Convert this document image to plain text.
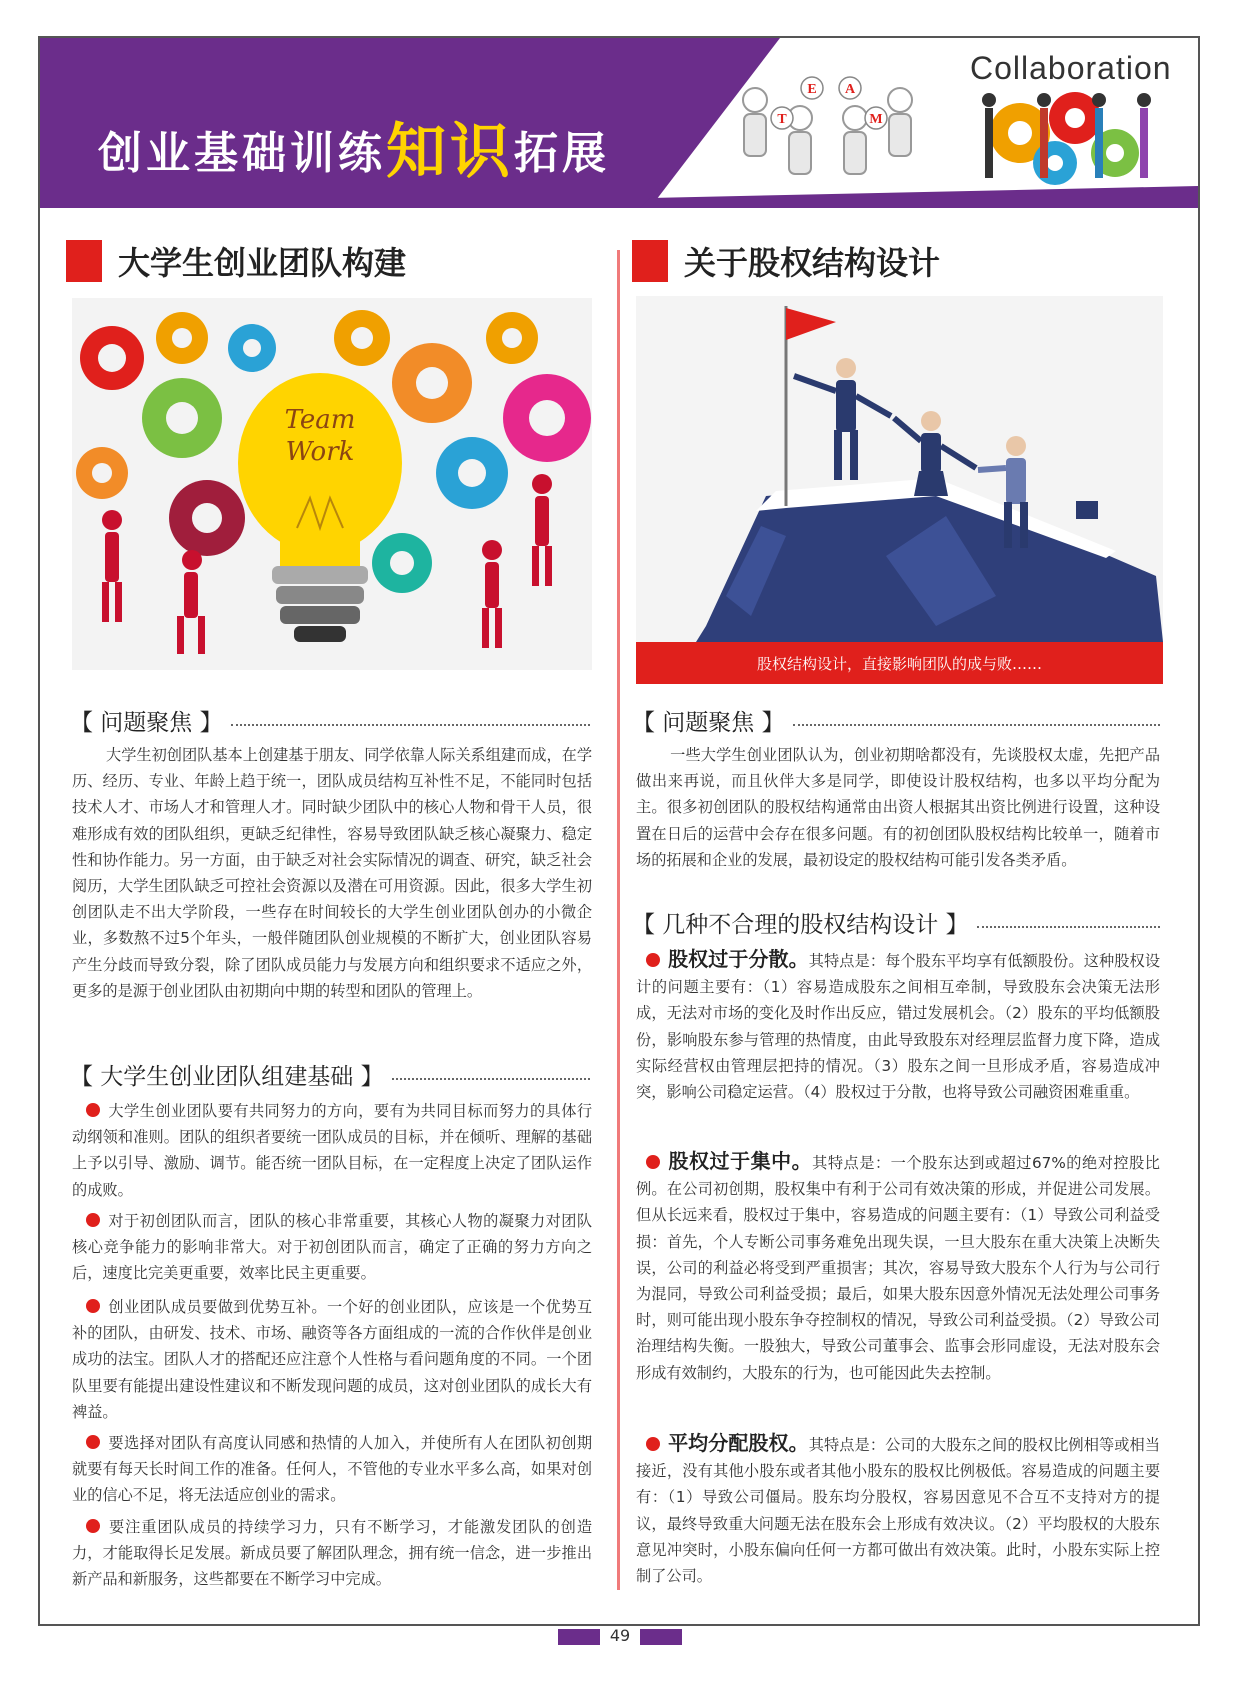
T
E A
M
创业基础训练知识拓展
Collaboration
大学生创业团队构建
Team
Work
【 问题聚焦 】
大学生初创团队基本上创建基于朋友、同学依靠人际关系组建而成，在学历、经历、专业、年龄上趋于统一，团队成员结构互补性不足，不能同时包括技术人才、市场人才和管理人才。同时缺少团队中的核心人物和骨干人员，很难形成有效的团队组织，更缺乏纪律性，容易导致团队缺乏核心凝聚力、稳定性和协作能力。另一方面，由于缺乏对社会实际情况的调查、研究，缺乏社会阅历，大学生团队缺乏可控社会资源以及潜在可用资源。因此，很多大学生初创团队走不出大学阶段，一些存在时间较长的大学生创业团队创办的小微企业，多数熬不过5个年头，一般伴随团队创业规模的不断扩大，创业团队容易产生分歧而导致分裂，除了团队成员能力与发展方向和组织要求不适应之外，更多的是源于创业团队由初期向中期的转型和团队的管理上。
【 大学生创业团队组建基础 】
大学生创业团队要有共同努力的方向，要有为共同目标而努力的具体行动纲领和准则。团队的组织者要统一团队成员的目标，并在倾听、理解的基础上予以引导、激励、调节。能否统一团队目标，在一定程度上决定了团队运作的成败。
对于初创团队而言，团队的核心非常重要，其核心人物的凝聚力对团队核心竞争能力的影响非常大。对于初创团队而言，确定了正确的努力方向之后，速度比完美更重要，效率比民主更重要。
创业团队成员要做到优势互补。一个好的创业团队，应该是一个优势互补的团队，由研发、技术、市场、融资等各方面组成的一流的合作伙伴是创业成功的法宝。团队人才的搭配还应注意个人性格与看问题角度的不同。一个团队里要有能提出建设性建议和不断发现问题的成员，这对创业团队的成长大有裨益。
要选择对团队有高度认同感和热情的人加入，并使所有人在团队初创期就要有每天长时间工作的准备。任何人，不管他的专业水平多么高，如果对创业的信心不足，将无法适应创业的需求。
要注重团队成员的持续学习力，只有不断学习，才能激发团队的创造力，才能取得长足发展。新成员要了解团队理念，拥有统一信念，进一步推出新产品和新服务，这些都要在不断学习中完成。
关于股权结构设计
股权结构设计，直接影响团队的成与败……
【 问题聚焦 】
一些大学生创业团队认为，创业初期啥都没有，先谈股权太虚，先把产品做出来再说，而且伙伴大多是同学，即使设计股权结构，也多以平均分配为主。很多初创团队的股权结构通常由出资人根据其出资比例进行设置，这种设置在日后的运营中会存在很多问题。有的初创团队股权结构比较单一，随着市场的拓展和企业的发展，最初设定的股权结构可能引发各类矛盾。
【 几种不合理的股权结构设计 】
股权过于分散。其特点是：每个股东平均享有低额股份。这种股权设计的问题主要有：（1）容易造成股东之间相互牵制，导致股东会决策无法形成，无法对市场的变化及时作出反应，错过发展机会。（2）股东的平均低额股份，影响股东参与管理的热情度，由此导致股东对经理层监督力度下降，造成实际经营权由管理层把持的情况。（3）股东之间一旦形成矛盾，容易造成冲突，影响公司稳定运营。（4）股权过于分散，也将导致公司融资困难重重。
股权过于集中。其特点是：一个股东达到或超过67%的绝对控股比例。在公司初创期，股权集中有利于公司有效决策的形成，并促进公司发展。但从长远来看，股权过于集中，容易造成的问题主要有：（1）导致公司利益受损：首先，个人专断公司事务难免出现失误，一旦大股东在重大决策上决断失误，公司的利益必将受到严重损害；其次，容易导致大股东个人行为与公司行为混同，导致公司利益受损；最后，如果大股东因意外情况无法处理公司事务时，则可能出现小股东争夺控制权的情况，导致公司利益受损。（2）导致公司治理结构失衡。一股独大，导致公司董事会、监事会形同虚设，无法对股东会形成有效制约，大股东的行为，也可能因此失去控制。
平均分配股权。其特点是：公司的大股东之间的股权比例相等或相当接近，没有其他小股东或者其他小股东的股权比例极低。容易造成的问题主要有：（1）导致公司僵局。股东均分股权，容易因意见不合互不支持对方的提议，最终导致重大问题无法在股东会上形成有效决议。（2）平均股权的大股东意见冲突时，小股东偏向任何一方都可做出有效决策。此时，小股东实际上控制了公司。
49
